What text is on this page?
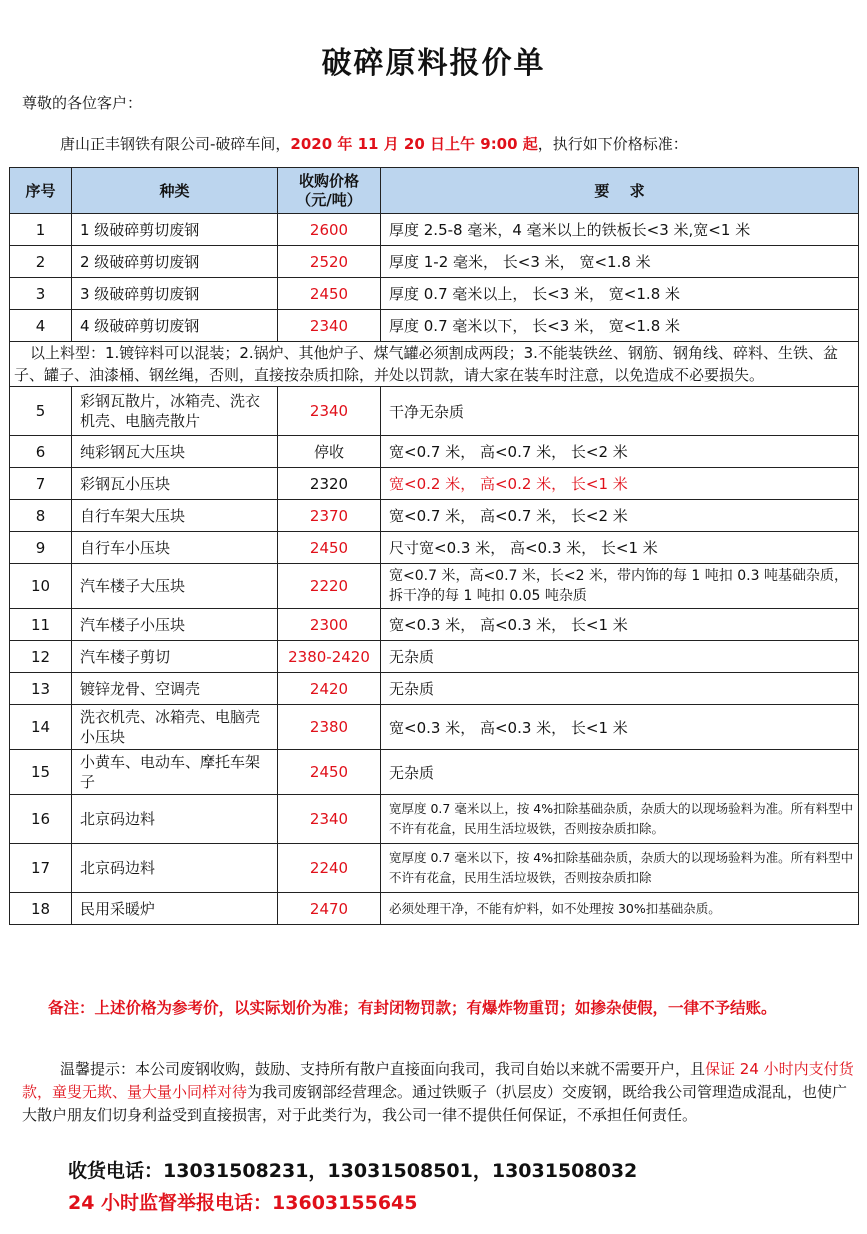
破碎原料报价单
尊敬的各位客户：
唐山正丰钢铁有限公司-破碎车间，2020 年 11 月 20 日上午 9:00 起，执行如下价格标准：
序号	种类	收购价格（元/吨）	要　 求
1	1 级破碎剪切废钢	2600	厚度 2.5-8 毫米，4 毫米以上的铁板长<3 米,宽<1 米
2	2 级破碎剪切废钢	2520	厚度 1-2 毫米， 长<3 米， 宽<1.8 米
3	3 级破碎剪切废钢	2450	厚度 0.7 毫米以上， 长<3 米， 宽<1.8 米
4	4 级破碎剪切废钢	2340	厚度 0.7 毫米以下， 长<3 米， 宽<1.8 米
以上料型：1.镀锌料可以混装；2.锅炉、其他炉子、煤气罐必须割成两段；3.不能装铁丝、钢筋、钢角线、碎料、生铁、盆子、罐子、油漆桶、钢丝绳，否则，直接按杂质扣除，并处以罚款，请大家在装车时注意，以免造成不必要损失。			
5	彩钢瓦散片，冰箱壳、洗衣机壳、电脑壳散片	2340	干净无杂质
6	纯彩钢瓦大压块	停收	宽<0.7 米， 高<0.7 米， 长<2 米
7	彩钢瓦小压块	2320	宽<0.2 米， 高<0.2 米， 长<1 米
8	自行车架大压块	2370	宽<0.7 米， 高<0.7 米， 长<2 米
9	自行车小压块	2450	尺寸宽<0.3 米， 高<0.3 米， 长<1 米
10	汽车楼子大压块	2220	宽<0.7 米，高<0.7 米，长<2 米，带内饰的每 1 吨扣 0.3 吨基础杂质，拆干净的每 1 吨扣 0.05 吨杂质
11	汽车楼子小压块	2300	宽<0.3 米， 高<0.3 米， 长<1 米
12	汽车楼子剪切	2380-2420	无杂质
13	镀锌龙骨、空调壳	2420	无杂质
14	洗衣机壳、冰箱壳、电脑壳小压块	2380	宽<0.3 米， 高<0.3 米， 长<1 米
15	小黄车、电动车、摩托车架子	2450	无杂质
16	北京码边料	2340	宽厚度 0.7 毫米以上，按 4%扣除基础杂质，杂质大的以现场验料为准。所有料型中不许有花盒，民用生活垃圾铁，否则按杂质扣除。
17	北京码边料	2240	宽厚度 0.7 毫米以下，按 4%扣除基础杂质，杂质大的以现场验料为准。所有料型中不许有花盒，民用生活垃圾铁，否则按杂质扣除
18	民用采暖炉	2470	必须处理干净，不能有炉料，如不处理按 30%扣基础杂质。
备注：上述价格为参考价，以实际划价为准；有封闭物罚款；有爆炸物重罚；如掺杂使假，一律不予结账。
温馨提示：本公司废钢收购，鼓励、支持所有散户直接面向我司，我司自始以来就不需要开户，且保证 24 小时内支付货款，童叟无欺、量大量小同样对待为我司废钢部经营理念。通过铁贩子（扒层皮）交废钢，既给我公司管理造成混乱，也使广大散户朋友们切身利益受到直接损害，对于此类行为，我公司一律不提供任何保证，不承担任何责任。
收货电话：13031508231，13031508501，13031508032
24 小时监督举报电话：13603155645
